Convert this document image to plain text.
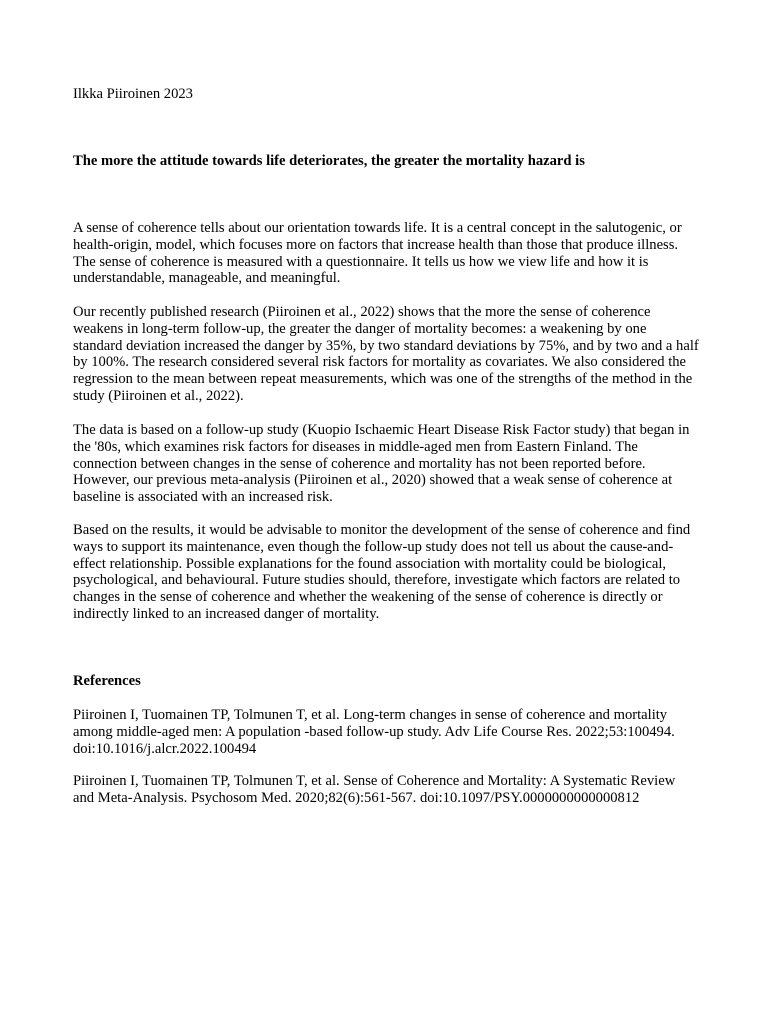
Ilkka Piiroinen 2023
The more the attitude towards life deteriorates, the greater the mortality hazard is

A sense of coherence tells about our orientation towards life. It is a central concept in the salutogenic, or health-origin, model, which focuses more on factors that increase health than those that produce illness. The sense of coherence is measured with a questionnaire. It tells us how we view life and how it is understandable, manageable, and meaningful.

Our recently published research (Piiroinen et al., 2022) shows that the more the sense of coherence weakens in long-term follow-up, the greater the danger of mortality becomes: a weakening by one standard deviation increased the danger by 35%, by two standard deviations by 75%, and by two and a half by 100%. The research considered several risk factors for mortality as covariates. We also considered the regression to the mean between repeat measurements, which was one of the strengths of the method in the study (Piiroinen et al., 2022).

The data is based on a follow-up study (Kuopio Ischaemic Heart Disease Risk Factor study) that began in the '80s, which examines risk factors for diseases in middle-aged men from Eastern Finland. The connection between changes in the sense of coherence and mortality has not been reported before. However, our previous meta-analysis (Piiroinen et al., 2020) showed that a weak sense of coherence at baseline is associated with an increased risk.

Based on the results, it would be advisable to monitor the development of the sense of coherence and find ways to support its maintenance, even though the follow-up study does not tell us about the cause-and-effect relationship. Possible explanations for the found association with mortality could be biological, psychological, and behavioural. Future studies should, therefore, investigate which factors are related to changes in the sense of coherence and whether the weakening of the sense of coherence is directly or indirectly linked to an increased danger of mortality.

References

Piiroinen I, Tuomainen TP, Tolmunen T, et al. Long-term changes in sense of coherence and mortality among middle-aged men: A population -based follow-up study. Adv Life Course Res. 2022;53:100494. doi:10.1016/j.alcr.2022.100494

Piiroinen I, Tuomainen TP, Tolmunen T, et al. Sense of Coherence and Mortality: A Systematic Review and Meta-Analysis. Psychosom Med. 2020;82(6):561-567. doi:10.1097/PSY.0000000000000812
